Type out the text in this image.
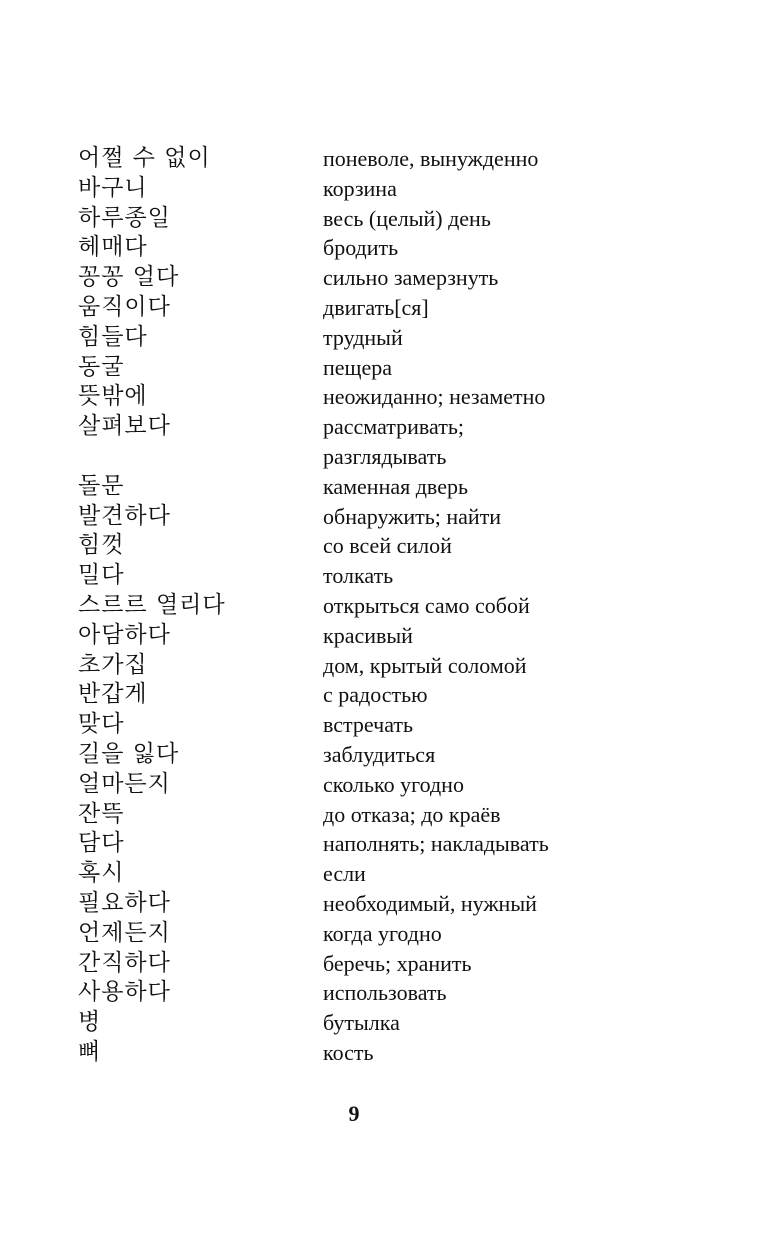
어쩔 수 없이	поневоле, вынужденно
바구니	корзина
하루종일	весь (целый) день
헤매다	бродить
꽁꽁 얼다	сильно замерзнуть
움직이다	двигать[ся]
힘들다	трудный
동굴	пещера
뜻밖에	неожиданно; незаметно
살펴보다	рассматривать;
разглядывать
돌문	каменная дверь
발견하다	обнаружить; найти
힘껏	со всей силой
밀다	толкать
스르르 열리다	открыться само собой
아담하다	красивый
초가집	дом, крытый соломой
반갑게	с радостью
맞다	встречать
길을 잃다	заблудиться
얼마든지	сколько угодно
잔뜩	до отказа; до краёв
담다	наполнять; накладывать
혹시	если
필요하다	необходимый, нужный
언제든지	когда угодно
간직하다	беречь; хранить
사용하다	использовать
병	бутылка
뼈	кость
9
